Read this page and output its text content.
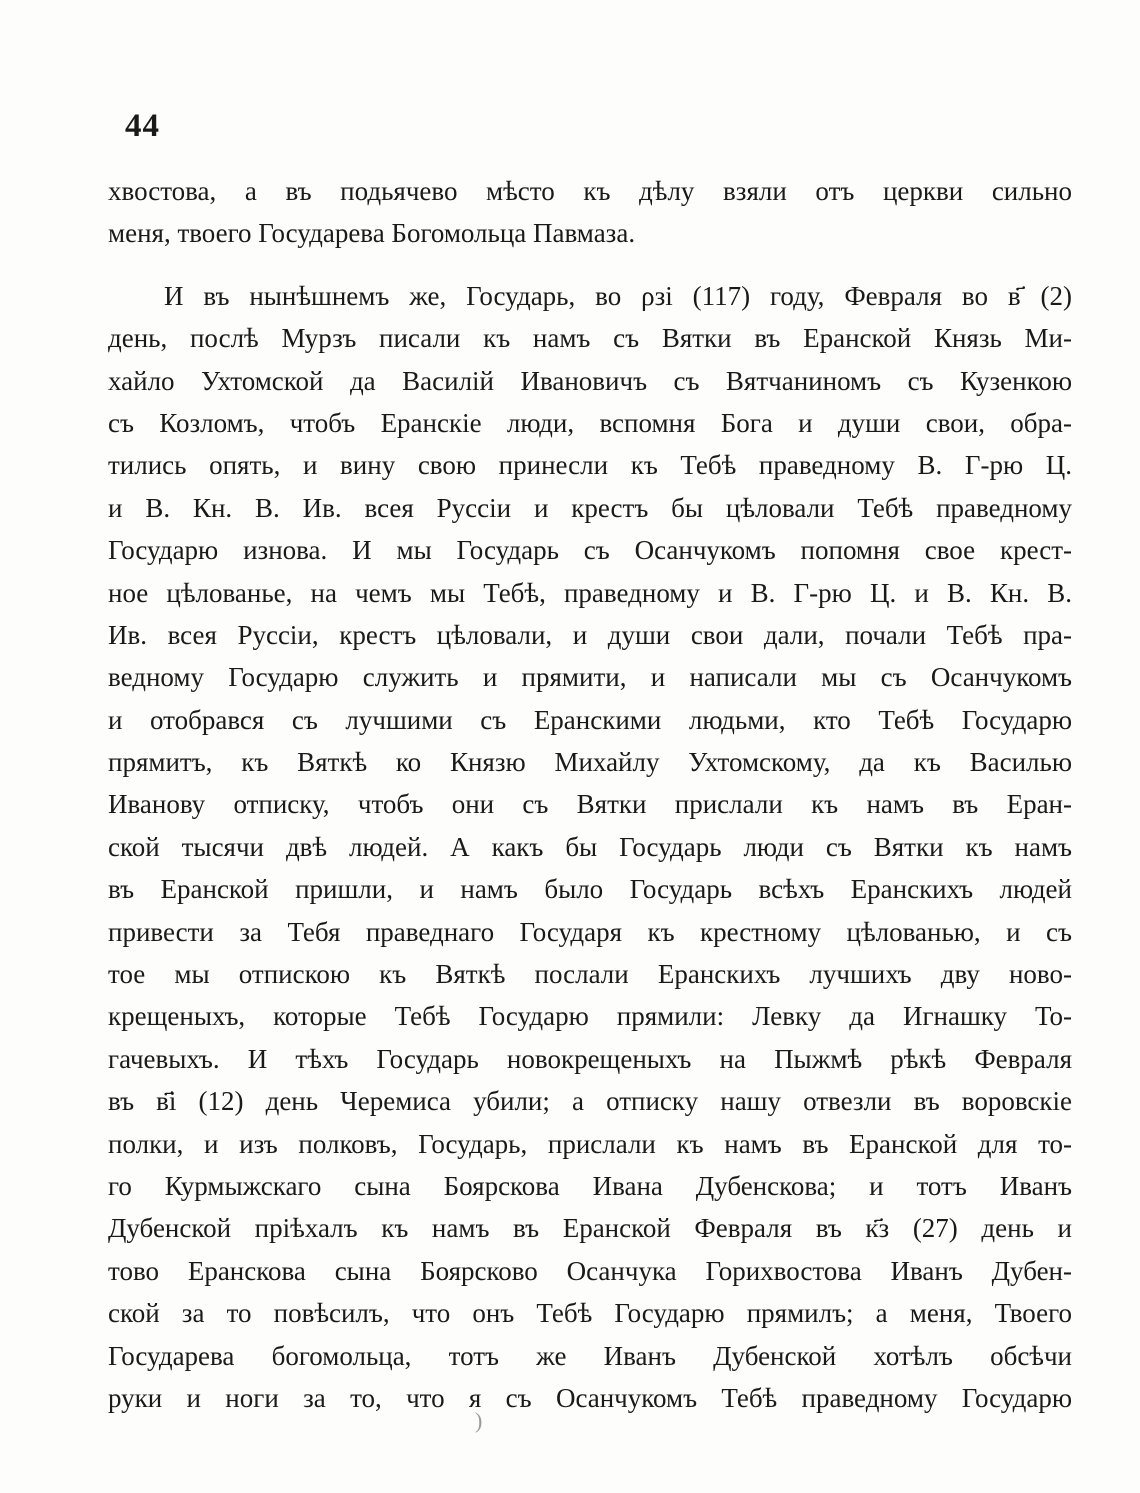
44
хвостова, а въ подьячево мѣсто къ дѣлу взяли отъ церкви сильно
меня, твоего Государева Богомольца Павмаза.
И въ нынѣшнемъ же, Государь, во ρзі (117) году, Февраля во в҃ (2)
день, послѣ Мурзъ писали къ намъ съ Вятки въ Еранской Князь Ми-
хайло Ухтомской да Василій Ивановичъ съ Вятчаниномъ съ Кузенкою
съ Козломъ, чтобъ Еранскіе люди, вспомня Бога и души свои, обра-
тились опять, и вину свою принесли къ Тебѣ праведному В. Г-рю Ц.
и В. Кн. В. Ив. всея Руссіи и крестъ бы цѣловали Тебѣ праведному
Государю изнова. И мы Государь съ Осанчукомъ попомня свое крест-
ное цѣлованье, на чемъ мы Тебѣ, праведному и В. Г-рю Ц. и В. Кн. В.
Ив. всея Руссіи, крестъ цѣловали, и души свои дали, почали Тебѣ пра-
ведному Государю служить и прямити, и написали мы съ Осанчукомъ
и отобрався съ лучшими съ Еранскими людьми, кто Тебѣ Государю
прямитъ, къ Вяткѣ ко Князю Михайлу Ухтомскому, да къ Василью
Иванову отписку, чтобъ они съ Вятки прислали къ намъ въ Еран-
ской тысячи двѣ людей. А какъ бы Государь люди съ Вятки къ намъ
въ Еранской пришли, и намъ было Государь всѣхъ Еранскихъ людей
привести за Тебя праведнаго Государя къ крестному цѣлованью, и съ
тое мы отпискою къ Вяткѣ послали Еранскихъ лучшихъ дву ново-
крещеныхъ, которые Тебѣ Государю прямили: Левку да Игнашку То-
гачевыхъ. И тѣхъ Государь новокрещеныхъ на Пыжмѣ рѣкѣ Февраля
въ в҃і (12) день Черемиса убили; а отписку нашу отвезли въ воровскіе
полки, и изъ полковъ, Государь, прислали къ намъ въ Еранской для то-
го Курмыжскаго сына Боярскова Ивана Дубенскова; и тотъ Иванъ
Дубенской пріѣхалъ къ намъ въ Еранской Февраля въ к҃з (27) день и
тово Еранскова сына Боярсково Осанчука Горихвостова Иванъ Дубен-
ской за то повѣсилъ, что онъ Тебѣ Государю прямилъ; а меня, Твоего
Государева богомольца, тотъ же Иванъ Дубенской хотѣлъ обсѣчи
руки и ноги за то, что я съ Осанчукомъ Тебѣ праведному Государю
)
